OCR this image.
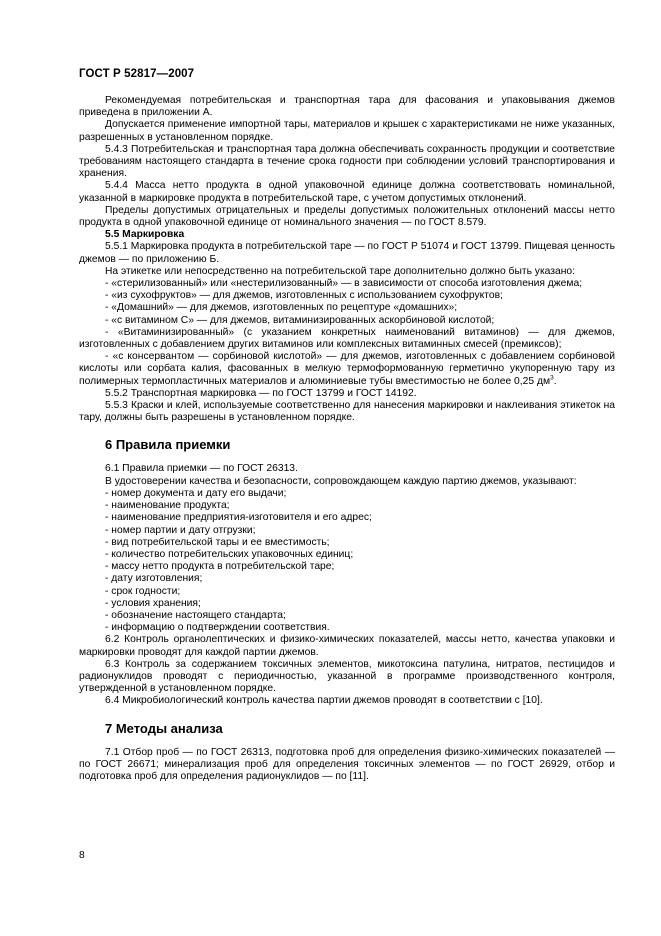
ГОСТ Р 52817—2007

Рекомендуемая потребительская и транспортная тара для фасования и упаковывания джемов приведена в приложении А.

Допускается применение импортной тары, материалов и крышек с характеристиками не ниже указанных, разрешенных в установленном порядке.

5.4.3 Потребительская и транспортная тара должна обеспечивать сохранность продукции и соответствие требованиям настоящего стандарта в течение срока годности при соблюдении условий транспортирования и хранения.

5.4.4 Масса нетто продукта в одной упаковочной единице должна соответствовать номинальной, указанной в маркировке продукта в потребительской таре, с учетом допустимых отклонений.

Пределы допустимых отрицательных и пределы допустимых положительных отклонений массы нетто продукта в одной упаковочной единице от номинального значения — по ГОСТ 8.579.

5.5 Маркировка

5.5.1 Маркировка продукта в потребительской таре — по ГОСТ Р 51074 и ГОСТ 13799. Пищевая ценность джемов — по приложению Б.

На этикетке или непосредственно на потребительской таре дополнительно должно быть указано:

- «стерилизованный» или «нестерилизованный» — в зависимости от способа изготовления джема;

- «из сухофруктов» — для джемов, изготовленных с использованием сухофруктов;

- «Домашний» — для джемов, изготовленных по рецептуре «домашних»;

- «с витамином С» — для джемов, витаминизированных аскорбиновой кислотой;

- «Витаминизированный» (с указанием конкретных наименований витаминов) — для джемов, изготовленных с добавлением других витаминов или комплексных витаминных смесей (премиксов);

- «с консервантом — сорбиновой кислотой» — для джемов, изготовленных с добавлением сорбиновой кислоты или сорбата калия, фасованных в мелкую термоформованную герметично укупоренную тару из полимерных термопластичных материалов и алюминиевые тубы вместимостью не более 0,25 $дм^3$.

5.5.2 Транспортная маркировка — по ГОСТ 13799 и ГОСТ 14192.

5.5.3 Краски и клей, используемые соответственно для нанесения маркировки и наклеивания этикеток на тару, должны быть разрешены в установленном порядке.

6 Правила приемки

6.1 Правила приемки — по ГОСТ 26313.

В удостоверении качества и безопасности, сопровождающем каждую партию джемов, указывают:

- номер документа и дату его выдачи;

- наименование продукта;

- наименование предприятия-изготовителя и его адрес;

- номер партии и дату отгрузки;

- вид потребительской тары и ее вместимость;

- количество потребительских упаковочных единиц;

- массу нетто продукта в потребительской таре;

- дату изготовления;

- срок годности;

- условия хранения;

- обозначение настоящего стандарта;

- информацию о подтверждении соответствия.

6.2 Контроль органолептических и физико-химических показателей, массы нетто, качества упаковки и маркировки проводят для каждой партии джемов.

6.3 Контроль за содержанием токсичных элементов, микотоксина патулина, нитратов, пестицидов и радионуклидов проводят с периодичностью, указанной в программе производственного контроля, утвержденной в установленном порядке.

6.4 Микробиологический контроль качества партии джемов проводят в соответствии с [10].

7 Методы анализа

7.1 Отбор проб — по ГОСТ 26313, подготовка проб для определения физико-химических показателей — по ГОСТ 26671; минерализация проб для определения токсичных элементов — по ГОСТ 26929, отбор и подготовка проб для определения радионуклидов — по [11].

8
